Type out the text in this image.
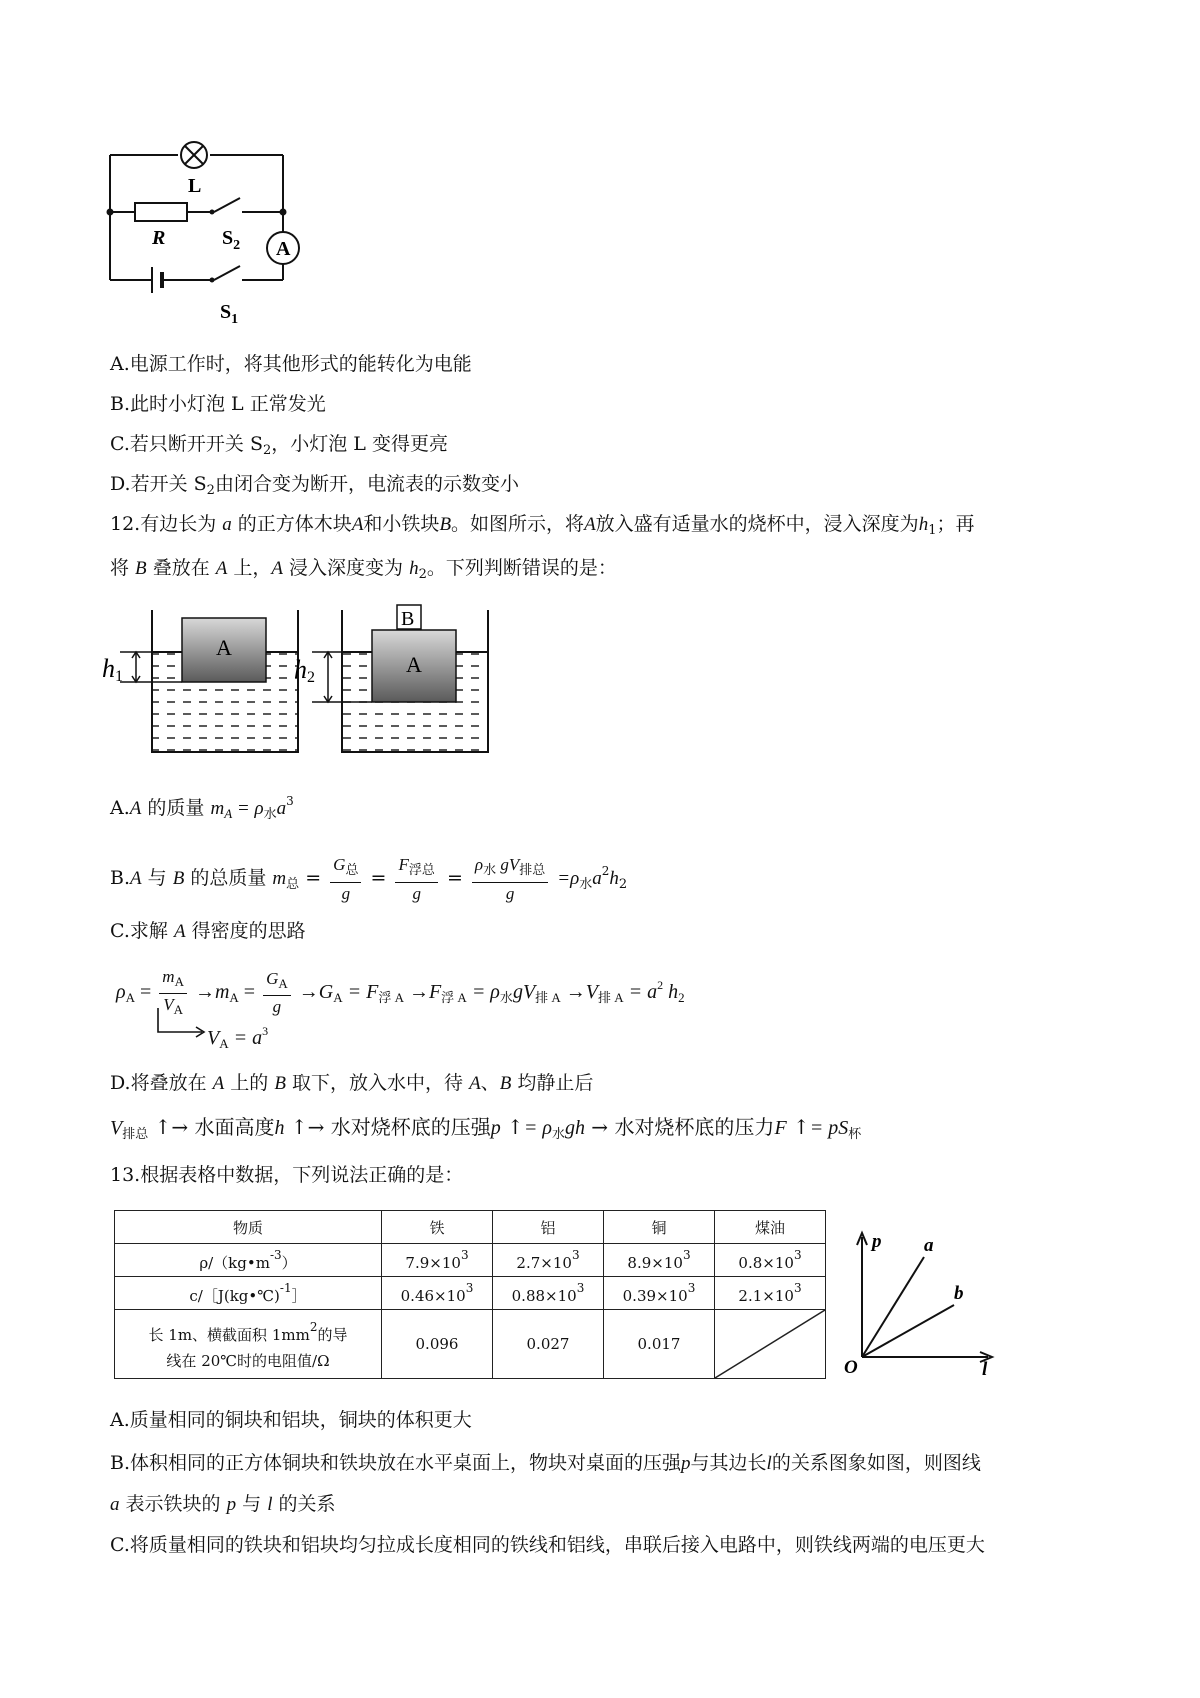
L
R	$S_2$ A
$S_1$
A.电源工作时，将其他形式的能转化为电能
B.此时小灯泡 L 正常发光
C.若只断开开关 $S_2$，小灯泡 L 变得更亮
D.若开关 $S_2$由闭合变为断开，电流表的示数变小
12.有边长为 a 的正方体木块A和小铁块B。如图所示，将A放入盛有适量水的烧杯中，浸入深度为$h_1$；再
将 B 叠放在 A 上，A 浸入深度变为 $h_2$。下列判断错误的是：
A
h1
B
A
h2
A.A 的质量 $m_A = \rho_水a^3$
B.A 与 B 的总质量 $m_总 = \frac{G_总}{g} = \frac{F_{浮总}}{g} = \frac{\rho_水 gV_{排总}}{g} =\rho_水a^2h_2$
C.求解 A 得密度的思路
$\rho_A = \frac{m_A}{V_A} \to m_A = \frac{G_A}{g} \to G_A = F_{浮 A} \to F_{浮 A} = \rho_水gV_{排 A} \to V_{排 A} = a^2$ $h_2$
$V_A = a^3$
D.将叠放在 A 上的 B 取下，放入水中，待 A、B 均静止后
$V_{排总}$ ↑→ 水面高度h ↑→ 水对烧杯底的压强p ↑= $\rho_水gh$ → 水对烧杯底的压力F ↑= $pS_杯$
13.根据表格中数据，下列说法正确的是：
物质	铁	铝	铜	煤油
$\rho/(kg•m^{-3})$	$7.9\times 10^3$	$2.7\times 10^3$	$8.9\times 10^3$	$0.8\times 10^3$
c/［J(kg•℃)$^{-1}$］	$0.46\times 10^3$	$0.88\times 10^3$	$0.39\times 10^3$	$2.1\times 10^3$
长 1m、横截面积 $1mm^2$的导
线在 20℃时的电阻值/Ω	0.096	0.027	0.017	
p a
b
O	l
A.质量相同的铜块和铝块，铜块的体积更大
B.体积相同的正方体铜块和铁块放在水平桌面上，物块对桌面的压强p与其边长l的关系图象如图，则图线
a 表示铁块的 p 与 l 的关系
C.将质量相同的铁块和铝块均匀拉成长度相同的铁线和铝线，串联后接入电路中，则铁线两端的电压更大
